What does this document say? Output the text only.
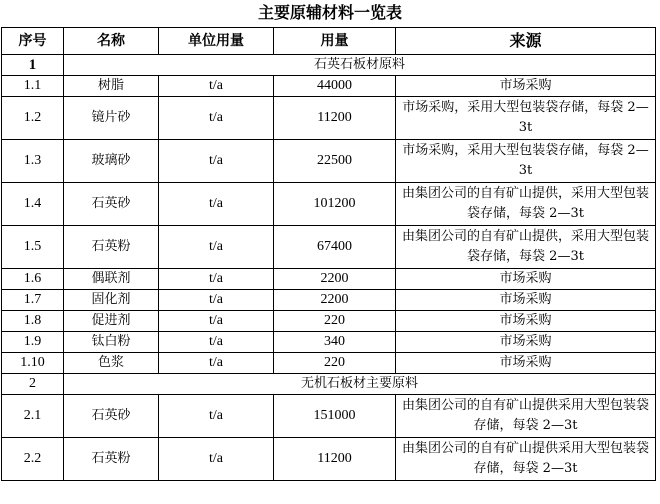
主要原辅材料一览表
序号	名称	单位用量	用量	来源
1	石英石板材原料			
1.1	树脂	t/a	44000	市场采购
1.2	镜片砂	t/a	11200	市场采购，采用大型包装袋存储，每袋 2—3t
1.3	玻璃砂	t/a	22500	市场采购，采用大型包装袋存储，每袋 2—3t
1.4	石英砂	t/a	101200	由集团公司的自有矿山提供，采用大型包装袋存储，每袋 2—3t
1.5	石英粉	t/a	67400	由集团公司的自有矿山提供，采用大型包装袋存储，每袋 2—3t
1.6	偶联剂	t/a	2200	市场采购
1.7	固化剂	t/a	2200	市场采购
1.8	促进剂	t/a	220	市场采购
1.9	钛白粉	t/a	340	市场采购
1.10	色浆	t/a	220	市场采购
2	无机石板材主要原料			
2.1	石英砂	t/a	151000	由集团公司的自有矿山提供采用大型包装袋存储，每袋 2—3t
2.2	石英粉	t/a	11200	由集团公司的自有矿山提供采用大型包装袋存储，每袋 2—3t
